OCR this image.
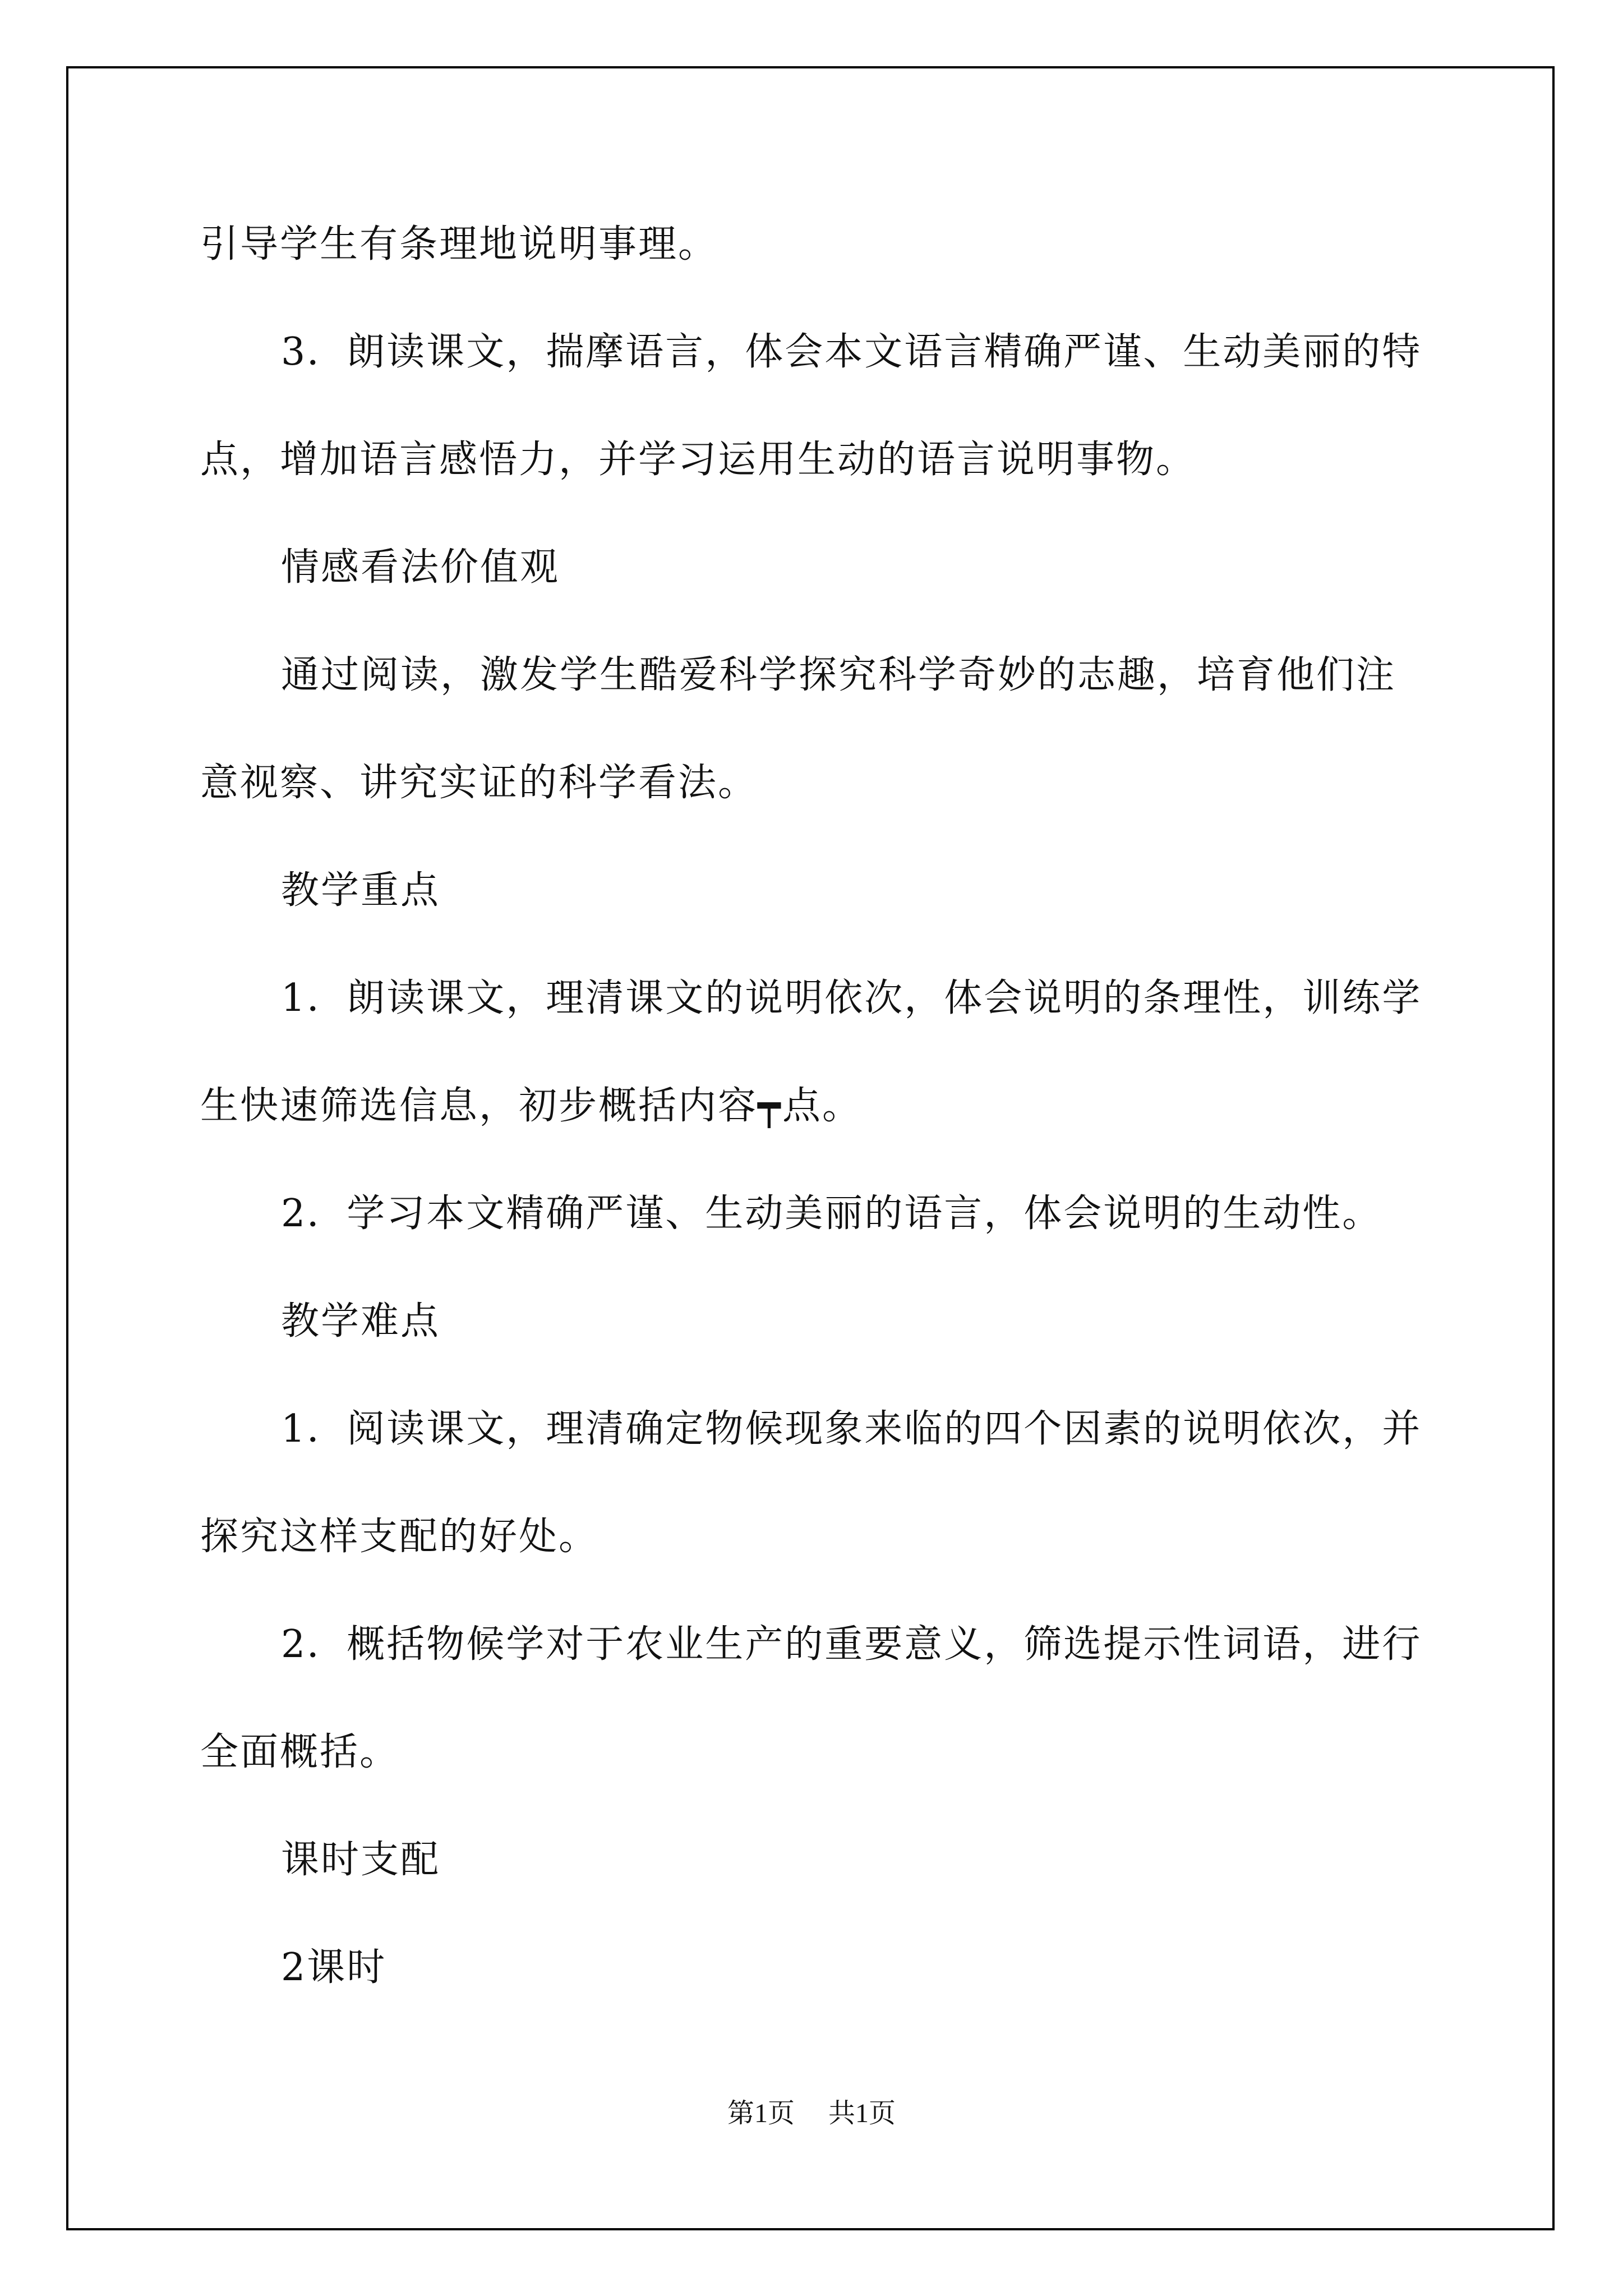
引导学生有条理地说明事理。

3．朗读课文，揣摩语言，体会本文语言精确严谨、生动美丽的特点，增加语言感悟力，并学习运用生动的语言说明事物。

情感看法价值观

通过阅读，激发学生酷爱科学探究科学奇妙的志趣，培育他们注意视察、讲究实证的科学看法。

教学重点

1．朗读课文，理清课文的说明依次，体会说明的条理性，训练学生快速筛选信息，初步概括内容┯点。

2．学习本文精确严谨、生动美丽的语言，体会说明的生动性。

教学难点

1．阅读课文，理清确定物候现象来临的四个因素的说明依次，并探究这样支配的好处。

2．概括物候学对于农业生产的重要意义，筛选提示性词语，进行全面概括。

课时支配

2课时

第1页 共1页
